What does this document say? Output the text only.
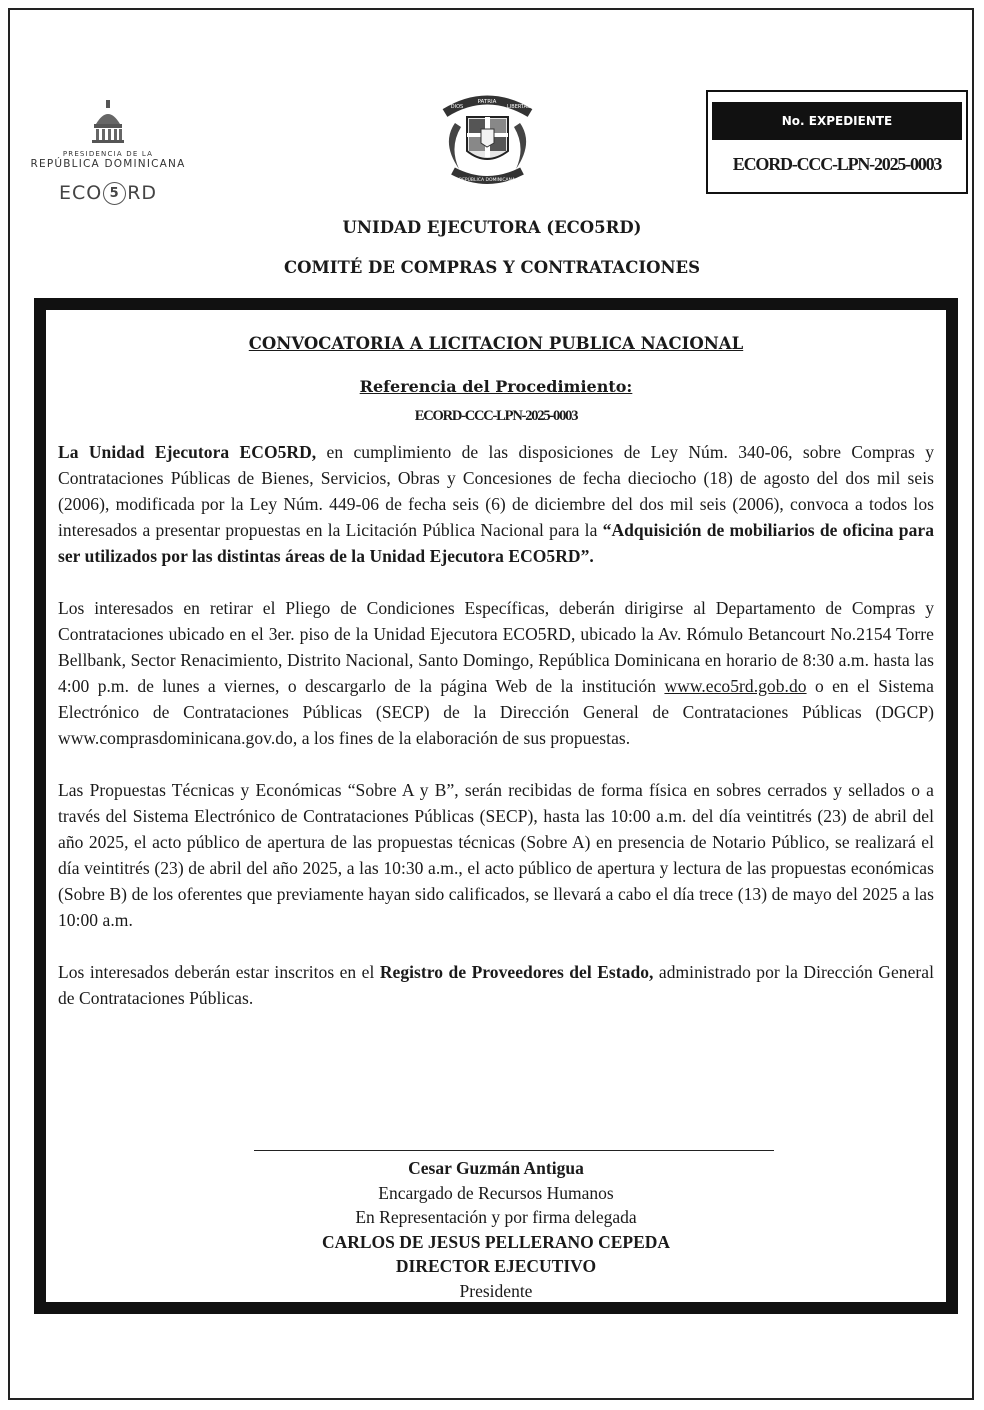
PRESIDENCIA DE LA
REPÚBLICA DOMINICANA
ECO 5 RD
PATRIA
DIOS	LIBERTAD
REPÚBLICA DOMINICANA
No. EXPEDIENTE
ECORD-CCC-LPN-2025-0003
UNIDAD EJECUTORA (ECO5RD)
COMITÉ DE COMPRAS Y CONTRATACIONES
CONVOCATORIA A LICITACION PUBLICA NACIONAL
Referencia del Procedimiento:
ECORD-CCC-LPN-2025-0003

La Unidad Ejecutora ECO5RD, en cumplimiento de las disposiciones de Ley Núm. 340-06, sobre Compras y Contrataciones Públicas de Bienes, Servicios, Obras y Concesiones de fecha dieciocho (18) de agosto del dos mil seis (2006), modificada por la Ley Núm. 449-06 de fecha seis (6) de diciembre del dos mil seis (2006), convoca a todos los interesados a presentar propuestas en la Licitación Pública Nacional para la “Adquisición de mobiliarios de oficina para ser utilizados por las distintas áreas de la Unidad Ejecutora ECO5RD”.

Los interesados en retirar el Pliego de Condiciones Específicas, deberán dirigirse al Departamento de Compras y Contrataciones ubicado en el 3er. piso de la Unidad Ejecutora ECO5RD, ubicado la Av. Rómulo Betancourt No.2154 Torre Bellbank, Sector Renacimiento, Distrito Nacional, Santo Domingo, República Dominicana en horario de 8:30 a.m. hasta las 4:00 p.m. de lunes a viernes, o descargarlo de la página Web de la institución www.eco5rd.gob.do o en el Sistema Electrónico de Contrataciones Públicas (SECP) de la Dirección General de Contrataciones Públicas (DGCP) www.comprasdominicana.gov.do, a los fines de la elaboración de sus propuestas.

Las Propuestas Técnicas y Económicas “Sobre A y B”, serán recibidas de forma física en sobres cerrados y sellados o a través del Sistema Electrónico de Contrataciones Públicas (SECP), hasta las 10:00 a.m. del día veintitrés (23) de abril del año 2025, el acto público de apertura de las propuestas técnicas (Sobre A) en presencia de Notario Público, se realizará el día veintitrés (23) de abril del año 2025, a las 10:30 a.m., el acto público de apertura y lectura de las propuestas económicas (Sobre B) de los oferentes que previamente hayan sido calificados, se llevará a cabo el día trece (13) de mayo del 2025 a las 10:00 a.m.

Los interesados deberán estar inscritos en el Registro de Proveedores del Estado, administrado por la Dirección General de Contrataciones Públicas.

Cesar Guzmán Antigua
Encargado de Recursos Humanos
En Representación y por firma delegada
CARLOS DE JESUS PELLERANO CEPEDA
DIRECTOR EJECUTIVO
Presidente
